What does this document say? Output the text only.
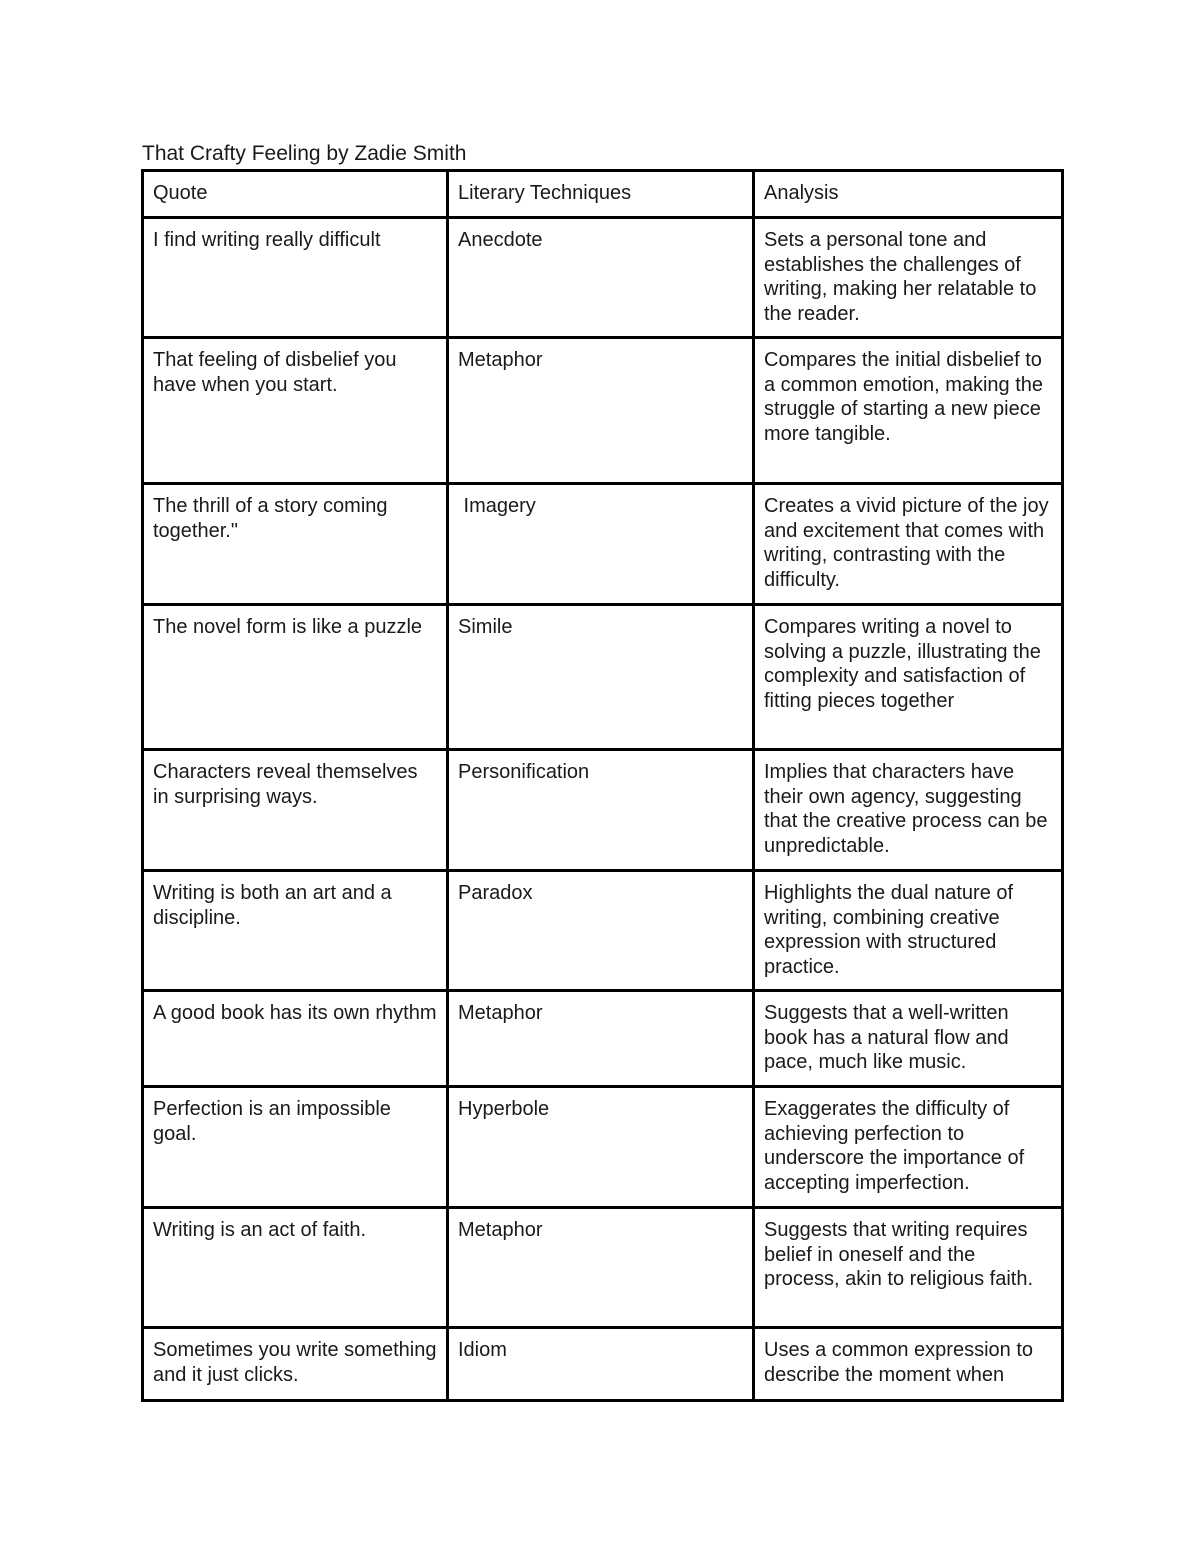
That Crafty Feeling by Zadie Smith
Quote	Literary Techniques	Analysis
I find writing really difficult	Anecdote	Sets a personal tone and establishes the challenges of writing, making her relatable to the reader.
That feeling of disbelief you have when you start.	Metaphor	Compares the initial disbelief to a common emotion, making the struggle of starting a new piece more tangible.
The thrill of a story coming together."	Imagery	Creates a vivid picture of the joy and excitement that comes with writing, contrasting with the difficulty.
The novel form is like a puzzle	Simile	Compares writing a novel to solving a puzzle, illustrating the complexity and satisfaction of fitting pieces together
Characters reveal themselves in surprising ways.	Personification	Implies that characters have their own agency, suggesting that the creative process can be unpredictable.
Writing is both an art and a discipline.	Paradox	Highlights the dual nature of writing, combining creative expression with structured practice.
A good book has its own rhythm	Metaphor	Suggests that a well-written book has a natural flow and pace, much like music.
Perfection is an impossible goal.	Hyperbole	Exaggerates the difficulty of achieving perfection to underscore the importance of accepting imperfection.
Writing is an act of faith.	Metaphor	Suggests that writing requires belief in oneself and the process, akin to religious faith.
Sometimes you write something and it just clicks.	Idiom	Uses a common expression to describe the moment when
